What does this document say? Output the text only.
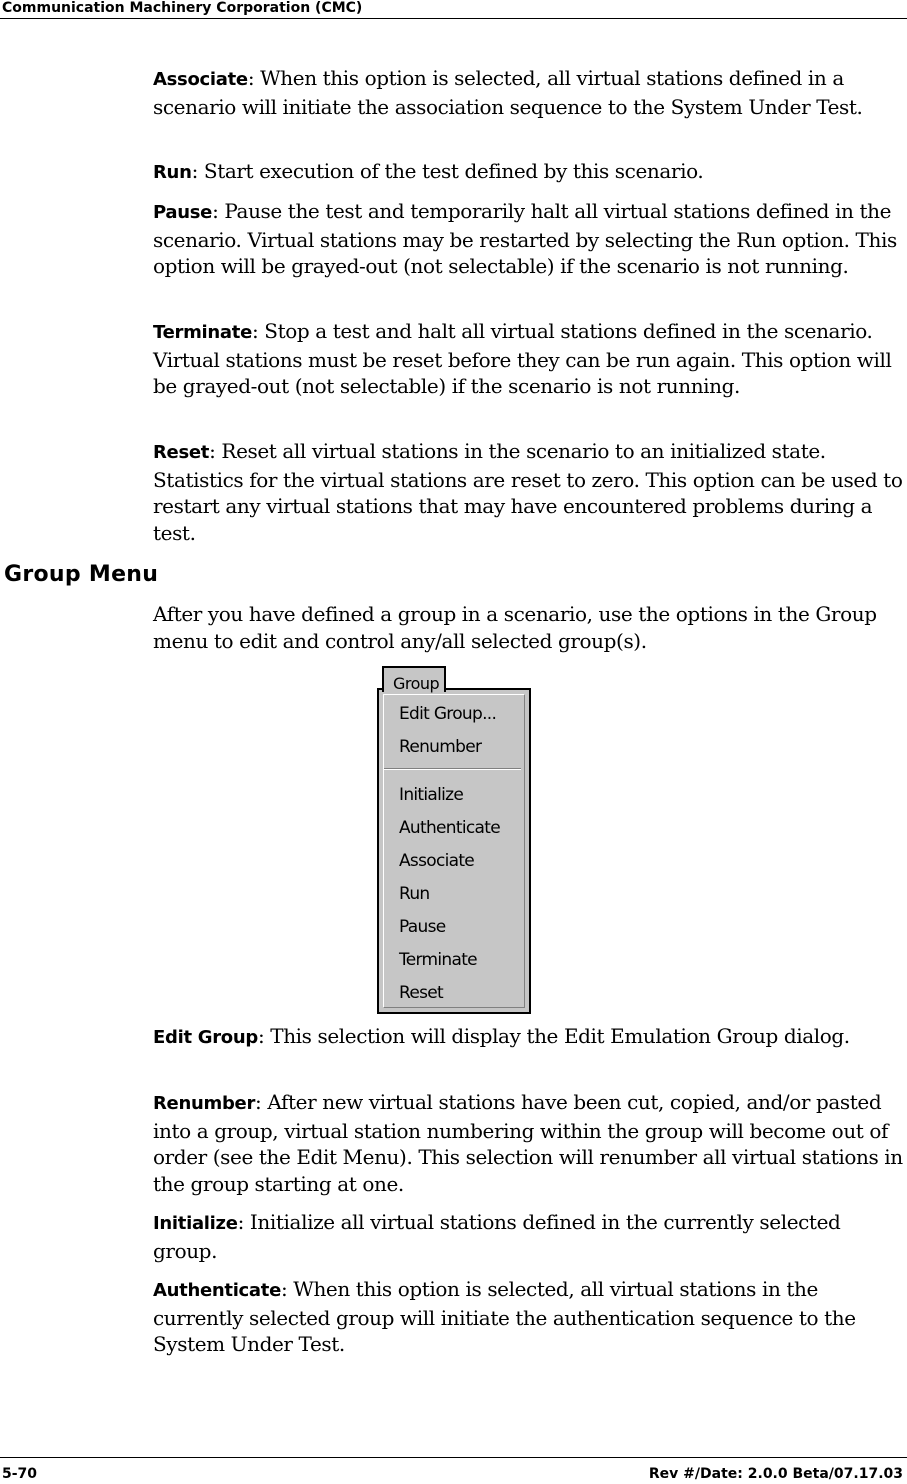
Communication Machinery Corporation (CMC)

Associate: When this option is selected, all virtual stations defined in a scenario will initiate the association sequence to the System Under Test.

Run: Start execution of the test defined by this scenario.

Pause: Pause the test and temporarily halt all virtual stations defined in the scenario. Virtual stations may be restarted by selecting the Run option. This option will be grayed-out (not selectable) if the scenario is not running.

Terminate: Stop a test and halt all virtual stations defined in the scenario. Virtual stations must be reset before they can be run again. This option will be grayed-out (not selectable) if the scenario is not running.

Reset: Reset all virtual stations in the scenario to an initialized state. Statistics for the virtual stations are reset to zero. This option can be used to restart any virtual stations that may have encountered problems during a test.

Group Menu

After you have defined a group in a scenario, use the options in the Group menu to edit and control any/all selected group(s).

Group
Edit Group...
Renumber
Initialize
Authenticate
Associate
Run
Pause
Terminate
Reset

Edit Group: This selection will display the Edit Emulation Group dialog.

Renumber: After new virtual stations have been cut, copied, and/or pasted into a group, virtual station numbering within the group will become out of order (see the Edit Menu). This selection will renumber all virtual stations in the group starting at one.

Initialize: Initialize all virtual stations defined in the currently selected group.

Authenticate: When this option is selected, all virtual stations in the currently selected group will initiate the authentication sequence to the System Under Test.

5-70	Rev #/Date: 2.0.0 Beta/07.17.03
